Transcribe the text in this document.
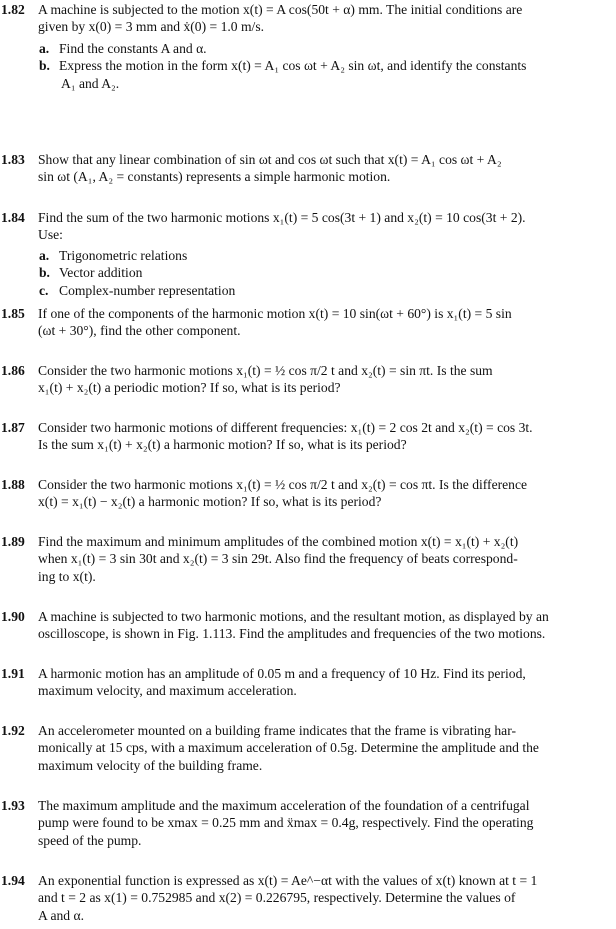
1.82 A machine is subjected to the motion x(t) = A cos(50t + α) mm. The initial conditions are
given by x(0) = 3 mm and ẋ(0) = 1.0 m/s.
a. Find the constants A and α.
b. Express the motion in the form x(t) = A₁ cos ωt + A₂ sin ωt, and identify the constants
A₁ and A₂.
1.83 Show that any linear combination of sin ωt and cos ωt such that x(t) = A₁ cos ωt + A₂
sin ωt (A₁, A₂ = constants) represents a simple harmonic motion.
1.84 Find the sum of the two harmonic motions x₁(t) = 5 cos(3t + 1) and x₂(t) = 10 cos(3t + 2).
Use:
a. Trigonometric relations
b. Vector addition
c. Complex-number representation
1.85 If one of the components of the harmonic motion x(t) = 10 sin(ωt + 60°) is x₁(t) = 5 sin
(ωt + 30°), find the other component.
1.86 Consider the two harmonic motions x₁(t) = ½ cos π/2 t and x₂(t) = sin πt. Is the sum
x₁(t) + x₂(t) a periodic motion? If so, what is its period?
1.87 Consider two harmonic motions of different frequencies: x₁(t) = 2 cos 2t and x₂(t) = cos 3t.
Is the sum x₁(t) + x₂(t) a harmonic motion? If so, what is its period?
1.88 Consider the two harmonic motions x₁(t) = ½ cos π/2 t and x₂(t) = cos πt. Is the difference
x(t) = x₁(t) − x₂(t) a harmonic motion? If so, what is its period?
1.89 Find the maximum and minimum amplitudes of the combined motion x(t) = x₁(t) + x₂(t)
when x₁(t) = 3 sin 30t and x₂(t) = 3 sin 29t. Also find the frequency of beats correspond-
ing to x(t).
1.90 A machine is subjected to two harmonic motions, and the resultant motion, as displayed by an
oscilloscope, is shown in Fig. 1.113. Find the amplitudes and frequencies of the two motions.
1.91 A harmonic motion has an amplitude of 0.05 m and a frequency of 10 Hz. Find its period,
maximum velocity, and maximum acceleration.
1.92 An accelerometer mounted on a building frame indicates that the frame is vibrating har-
monically at 15 cps, with a maximum acceleration of 0.5g. Determine the amplitude and the
maximum velocity of the building frame.
1.93 The maximum amplitude and the maximum acceleration of the foundation of a centrifugal
pump were found to be xmax = 0.25 mm and ẍmax = 0.4g, respectively. Find the operating
speed of the pump.
1.94 An exponential function is expressed as x(t) = Ae^−αt with the values of x(t) known at t = 1
and t = 2 as x(1) = 0.752985 and x(2) = 0.226795, respectively. Determine the values of
A and α.
